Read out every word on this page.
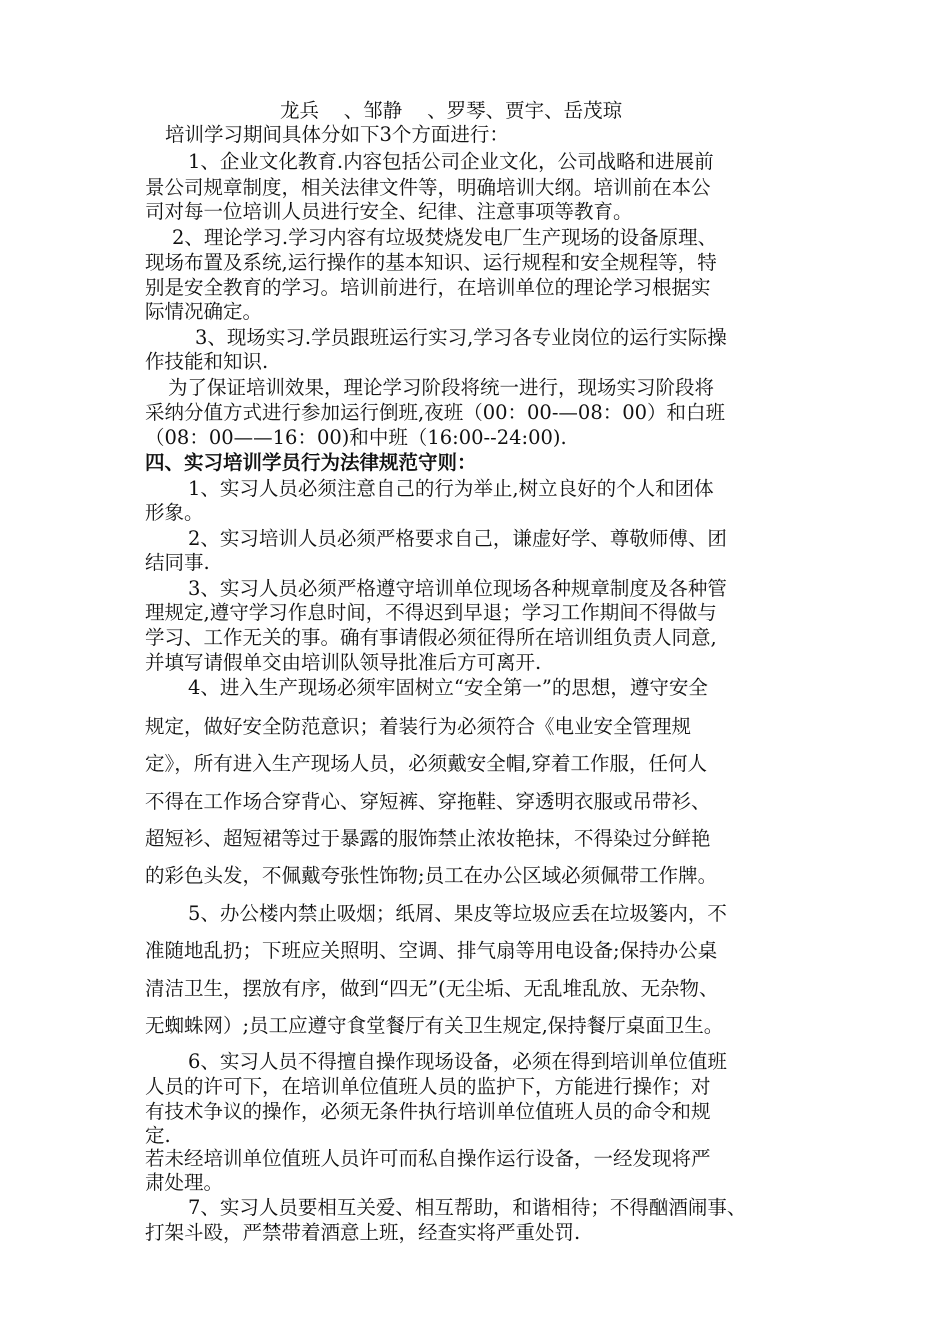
龙兵    、邹静    、罗琴、贾宇、岳茂琼
培训学习期间具体分如下3个方面进行：
1、企业文化教育.内容包括公司企业文化，公司战略和进展前
景公司规章制度，相关法律文件等，明确培训大纲。培训前在本公
司对每一位培训人员进行安全、纪律、注意事项等教育。
2、理论学习.学习内容有垃圾焚烧发电厂生产现场的设备原理、
现场布置及系统,运行操作的基本知识、运行规程和安全规程等，特
别是安全教育的学习。培训前进行，在培训单位的理论学习根据实
际情况确定。
3、现场实习.学员跟班运行实习,学习各专业岗位的运行实际操
作技能和知识.
为了保证培训效果，理论学习阶段将统一进行，现场实习阶段将
采纳分值方式进行参加运行倒班,夜班（00：00-—08：00）和白班
（08：00——16：00)和中班（16:00--24:00).
四、实习培训学员行为法律规范守则：
1、实习人员必须注意自己的行为举止,树立良好的个人和团体
形象。
2、实习培训人员必须严格要求自己，谦虚好学、尊敬师傅、团
结同事.
3、实习人员必须严格遵守培训单位现场各种规章制度及各种管
理规定,遵守学习作息时间，不得迟到早退；学习工作期间不得做与
学习、工作无关的事。确有事请假必须征得所在培训组负责人同意,
并填写请假单交由培训队领导批准后方可离开.
4、进入生产现场必须牢固树立“安全第一”的思想，遵守安全
规定，做好安全防范意识；着装行为必须符合《电业安全管理规
定》，所有进入生产现场人员，必须戴安全帽,穿着工作服，任何人
不得在工作场合穿背心、穿短裤、穿拖鞋、穿透明衣服或吊带衫、
超短衫、超短裙等过于暴露的服饰禁止浓妆艳抹，不得染过分鲜艳
的彩色头发，不佩戴夸张性饰物;员工在办公区域必须佩带工作牌。
5、办公楼内禁止吸烟；纸屑、果皮等垃圾应丢在垃圾篓内，不
准随地乱扔；下班应关照明、空调、排气扇等用电设备;保持办公桌
清洁卫生，摆放有序，做到“四无”(无尘垢、无乱堆乱放、无杂物、
无蜘蛛网）;员工应遵守食堂餐厅有关卫生规定,保持餐厅桌面卫生。
6、实习人员不得擅自操作现场设备，必须在得到培训单位值班
人员的许可下，在培训单位值班人员的监护下，方能进行操作；对
有技术争议的操作，必须无条件执行培训单位值班人员的命令和规
定.
若未经培训单位值班人员许可而私自操作运行设备，一经发现将严
肃处理。
7、实习人员要相互关爱、相互帮助，和谐相待；不得酗酒闹事、
打架斗殴，严禁带着酒意上班，经查实将严重处罚.
